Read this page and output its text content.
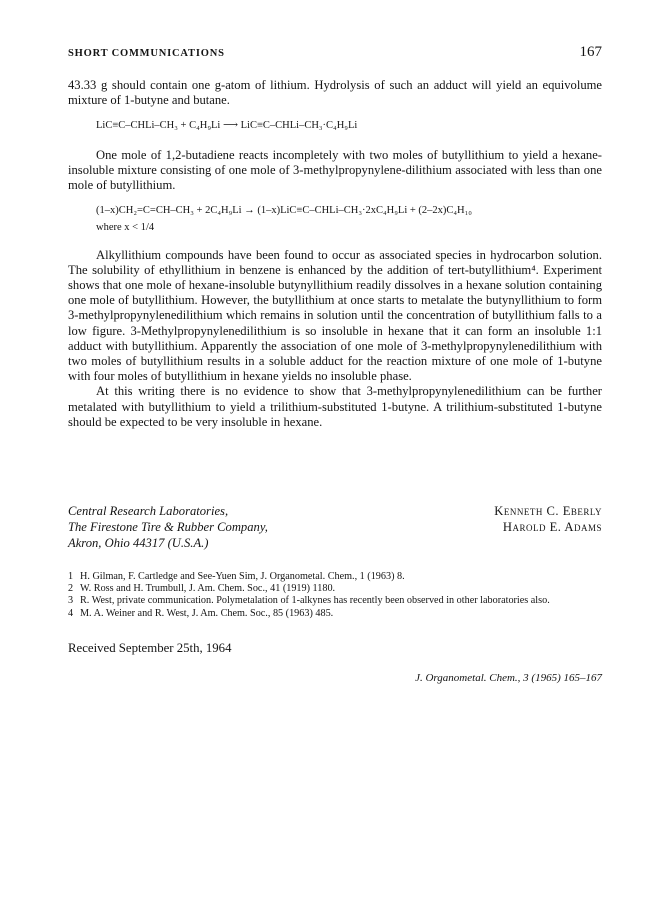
SHORT COMMUNICATIONS	167

43.33 g should contain one g-atom of lithium. Hydrolysis of such an adduct will yield an equivolume mixture of 1-butyne and butane.

LiC≡C–CHLi–CH₃ + C₄H₉Li ⟶ LiC≡C–CHLi–CH₃·C₄H₉Li

One mole of 1,2-butadiene reacts incompletely with two moles of butyllithium to yield a hexane-insoluble mixture consisting of one mole of 3-methylpropynylene-dilithium associated with less than one mole of butyllithium.

(1–x)CH₂=C=CH–CH₃ + 2C₄H₉Li → (1–x)LiC≡C–CHLi–CH₃·2xC₄H₉Li + (2–2x)C₄H₁₀
where x < 1/4

Alkyllithium compounds have been found to occur as associated species in hydrocarbon solution. The solubility of ethyllithium in benzene is enhanced by the addition of tert-butyllithium⁴. Experiment shows that one mole of hexane-insoluble butynyllithium readily dissolves in a hexane solution containing one mole of butyllithium. However, the butyllithium at once starts to metalate the butynyllithium to form 3-methylpropynylenedilithium which remains in solution until the concentration of butyllithium falls to a low figure. 3-Methylpropynylenedilithium is so insoluble in hexane that it can form an insoluble 1:1 adduct with butyllithium. Apparently the association of one mole of 3-methylpropynylenedilithium with two moles of butyllithium results in a soluble adduct for the reaction mixture of one mole of 1-butyne with four moles of butyllithium in hexane yields no insoluble phase.

At this writing there is no evidence to show that 3-methylpropynylenedilithium can be further metalated with butyllithium to yield a trilithium-substituted 1-butyne. A trilithium-substituted 1-butyne should be expected to be very insoluble in hexane.

Central Research Laboratories,
The Firestone Tire & Rubber Company,
Akron, Ohio 44317 (U.S.A.)
Kenneth C. Eberly
Harold E. Adams
1 H. Gilman, F. Cartledge and See-Yuen Sim, J. Organometal. Chem., 1 (1963) 8.
2 W. Ross and H. Trumbull, J. Am. Chem. Soc., 41 (1919) 1180.
3 R. West, private communication. Polymetalation of 1-alkynes has recently been observed in other laboratories also.
4 M. A. Weiner and R. West, J. Am. Chem. Soc., 85 (1963) 485.
Received September 25th, 1964
J. Organometal. Chem., 3 (1965) 165–167
